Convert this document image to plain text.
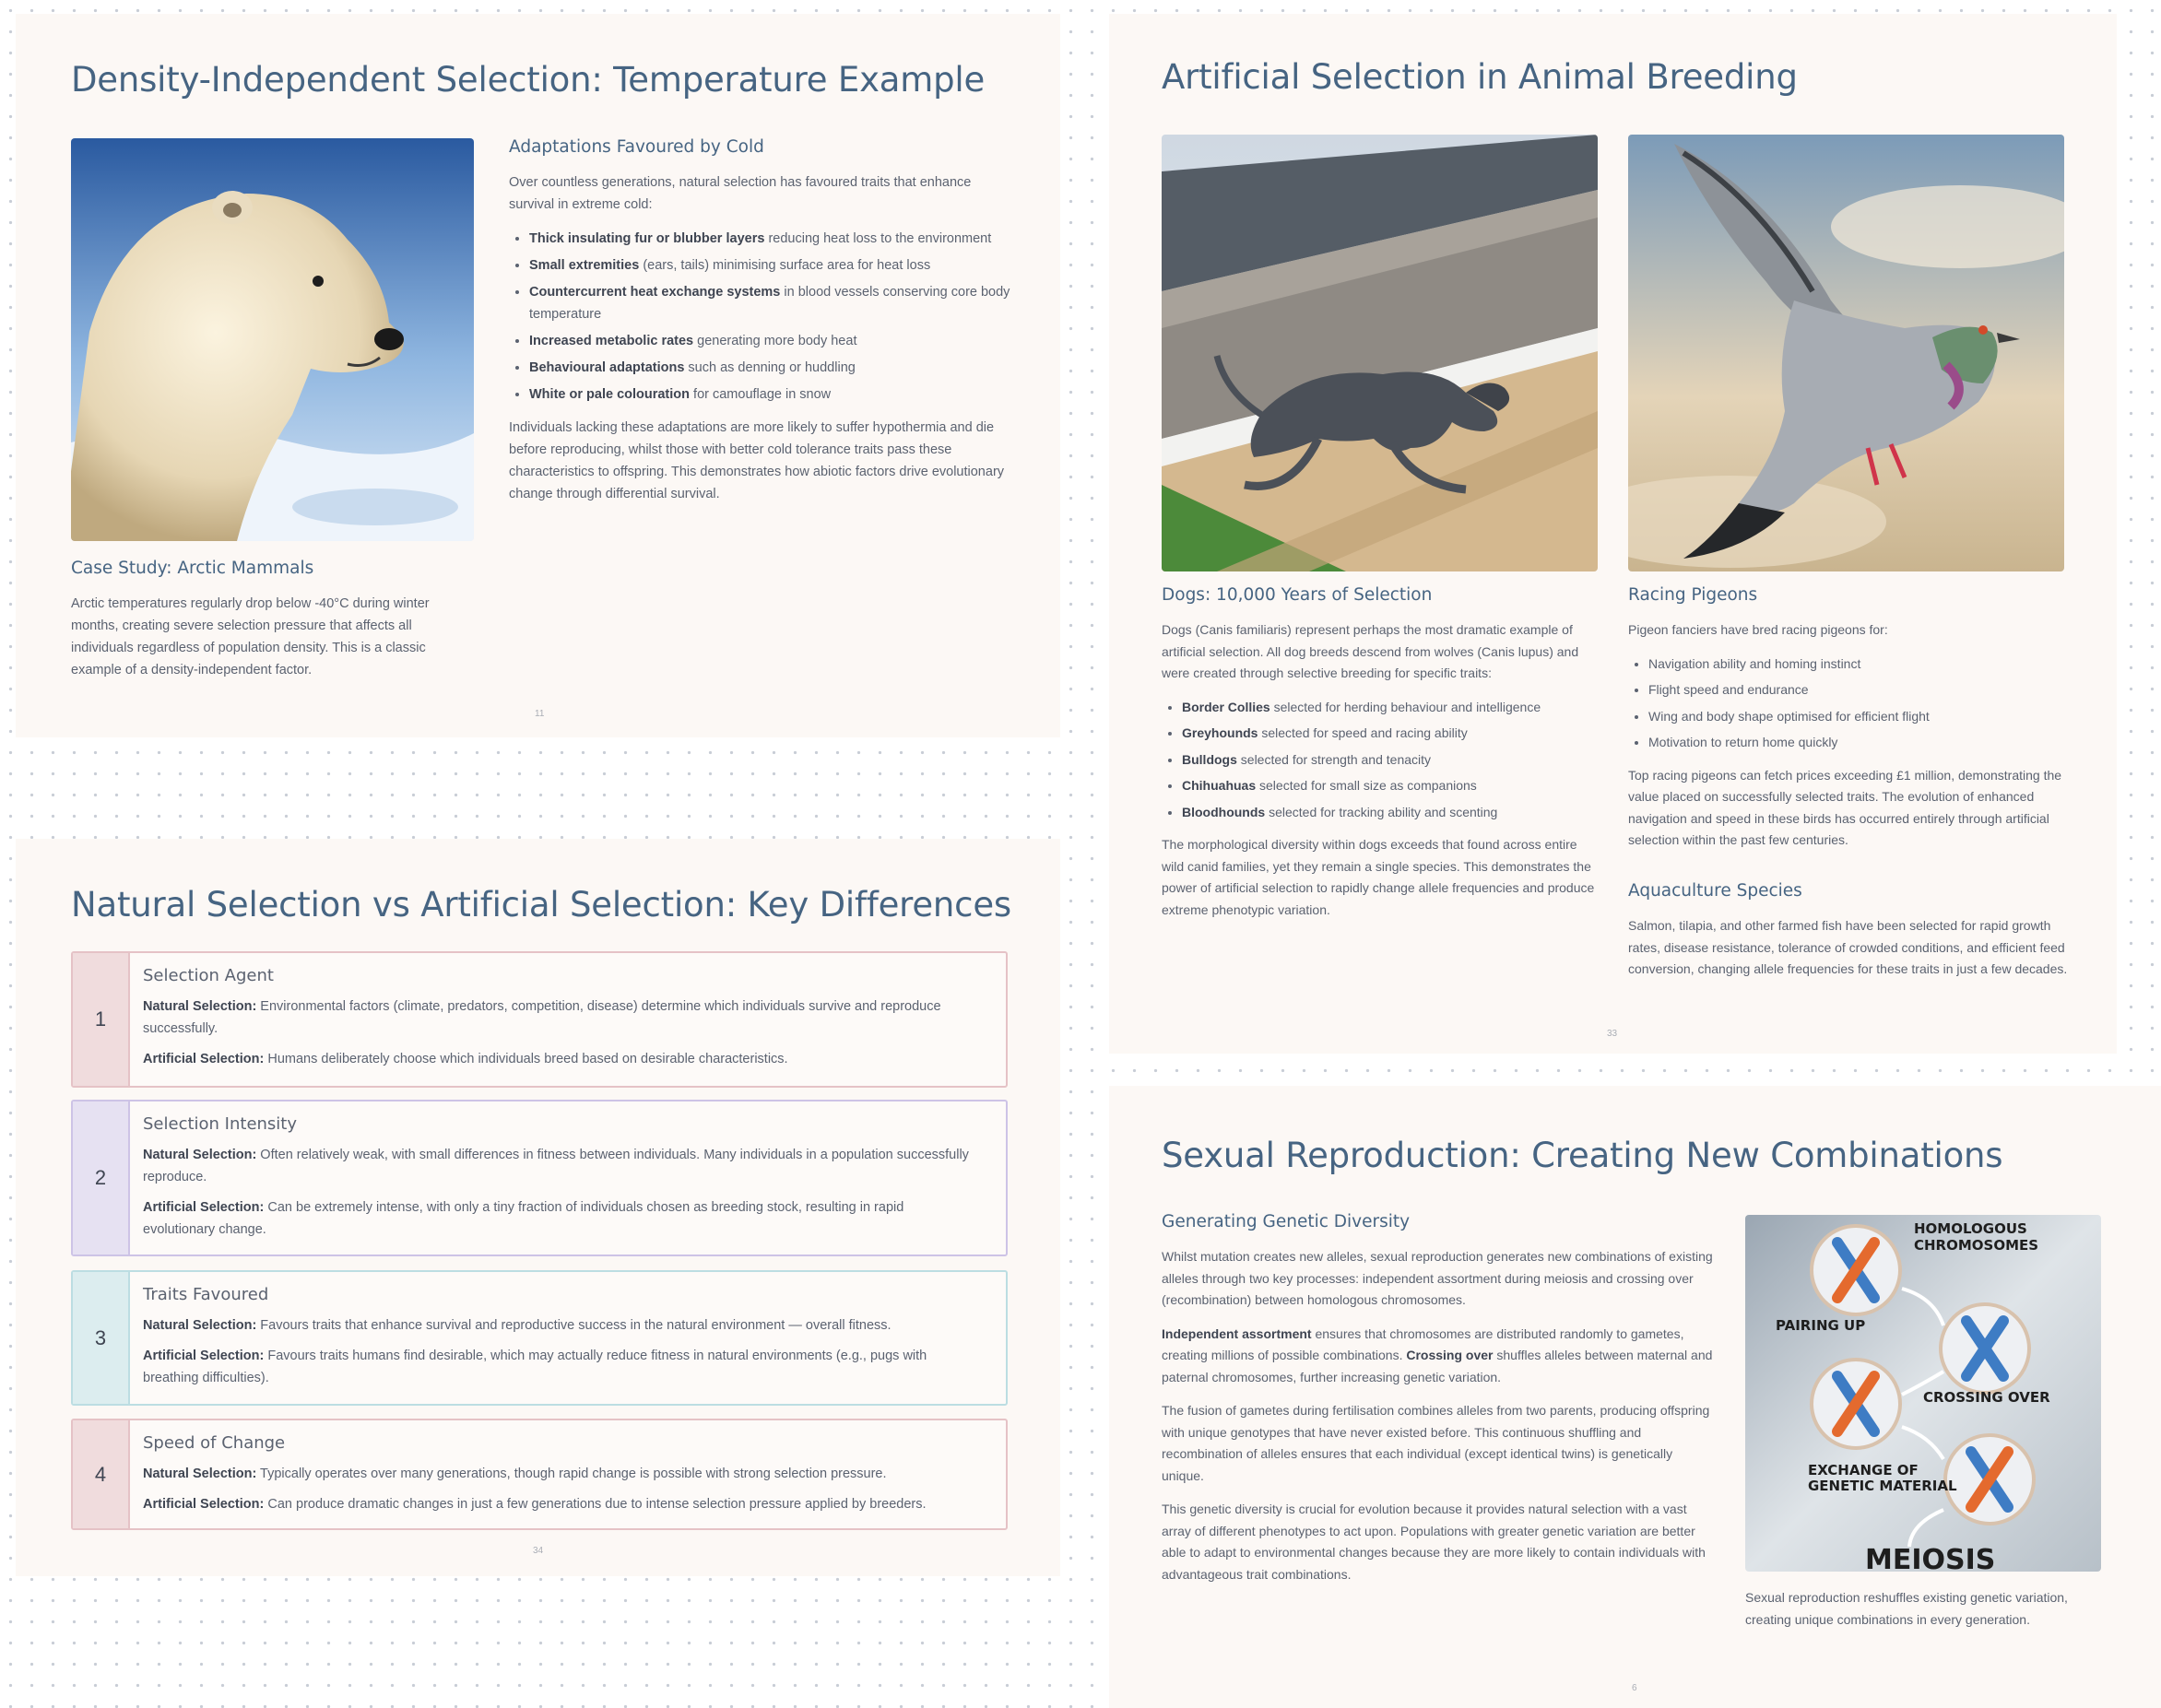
Density-Independent Selection: Temperature Example
Case Study: Arctic Mammals

Arctic temperatures regularly drop below -40°C during winter months, creating severe selection pressure that affects all individuals regardless of population density. This is a classic example of a density-independent factor.

Adaptations Favoured by Cold

Over countless generations, natural selection has favoured traits that enhance survival in extreme cold:

• Thick insulating fur or blubber layers reducing heat loss to the environment
• Small extremities (ears, tails) minimising surface area for heat loss
• Countercurrent heat exchange systems in blood vessels conserving core body temperature
• Increased metabolic rates generating more body heat
• Behavioural adaptations such as denning or huddling
• White or pale colouration for camouflage in snow

Individuals lacking these adaptations are more likely to suffer hypothermia and die before reproducing, whilst those with better cold tolerance traits pass these characteristics to offspring. This demonstrates how abiotic factors drive evolutionary change through differential survival.

11
Artificial Selection in Animal Breeding
Dogs: 10,000 Years of Selection

Dogs (Canis familiaris) represent perhaps the most dramatic example of artificial selection. All dog breeds descend from wolves (Canis lupus) and were created through selective breeding for specific traits:

• Border Collies selected for herding behaviour and intelligence
• Greyhounds selected for speed and racing ability
• Bulldogs selected for strength and tenacity
• Chihuahuas selected for small size as companions
• Bloodhounds selected for tracking ability and scenting

The morphological diversity within dogs exceeds that found across entire wild canid families, yet they remain a single species. This demonstrates the power of artificial selection to rapidly change allele frequencies and produce extreme phenotypic variation.

Racing Pigeons

Pigeon fanciers have bred racing pigeons for:

• Navigation ability and homing instinct
• Flight speed and endurance
• Wing and body shape optimised for efficient flight
• Motivation to return home quickly

Top racing pigeons can fetch prices exceeding £1 million, demonstrating the value placed on successfully selected traits. The evolution of enhanced navigation and speed in these birds has occurred entirely through artificial selection within the past few centuries.

Aquaculture Species

Salmon, tilapia, and other farmed fish have been selected for rapid growth rates, disease resistance, tolerance of crowded conditions, and efficient feed conversion, changing allele frequencies for these traits in just a few decades.

33
Natural Selection vs Artificial Selection: Key Differences
1
Selection Agent

Natural Selection: Environmental factors (climate, predators, competition, disease) determine which individuals survive and reproduce successfully.

Artificial Selection: Humans deliberately choose which individuals breed based on desirable characteristics.

2
Selection Intensity

Natural Selection: Often relatively weak, with small differences in fitness between individuals. Many individuals in a population successfully reproduce.

Artificial Selection: Can be extremely intense, with only a tiny fraction of individuals chosen as breeding stock, resulting in rapid evolutionary change.

3
Traits Favoured

Natural Selection: Favours traits that enhance survival and reproductive success in the natural environment — overall fitness.

Artificial Selection: Favours traits humans find desirable, which may actually reduce fitness in natural environments (e.g., pugs with breathing difficulties).

4
Speed of Change

Natural Selection: Typically operates over many generations, though rapid change is possible with strong selection pressure.

Artificial Selection: Can produce dramatic changes in just a few generations due to intense selection pressure applied by breeders.

34
Sexual Reproduction: Creating New Combinations
Generating Genetic Diversity

Whilst mutation creates new alleles, sexual reproduction generates new combinations of existing alleles through two key processes: independent assortment during meiosis and crossing over (recombination) between homologous chromosomes.

Independent assortment ensures that chromosomes are distributed randomly to gametes, creating millions of possible combinations. Crossing over shuffles alleles between maternal and paternal chromosomes, further increasing genetic variation.

The fusion of gametes during fertilisation combines alleles from two parents, producing offspring with unique genotypes that have never existed before. This continuous shuffling and recombination of alleles ensures that each individual (except identical twins) is genetically unique.

This genetic diversity is crucial for evolution because it provides natural selection with a vast array of different phenotypes to act upon. Populations with greater genetic variation are better able to adapt to environmental changes because they are more likely to contain individuals with advantageous trait combinations.

HOMOLOGOUS
CHROMOSOMES
PAIRING UP
CROSSING OVER
EXCHANGE OF
GENETIC MATERIAL
MEIOSIS

Sexual reproduction reshuffles existing genetic variation, creating unique combinations in every generation.

6
